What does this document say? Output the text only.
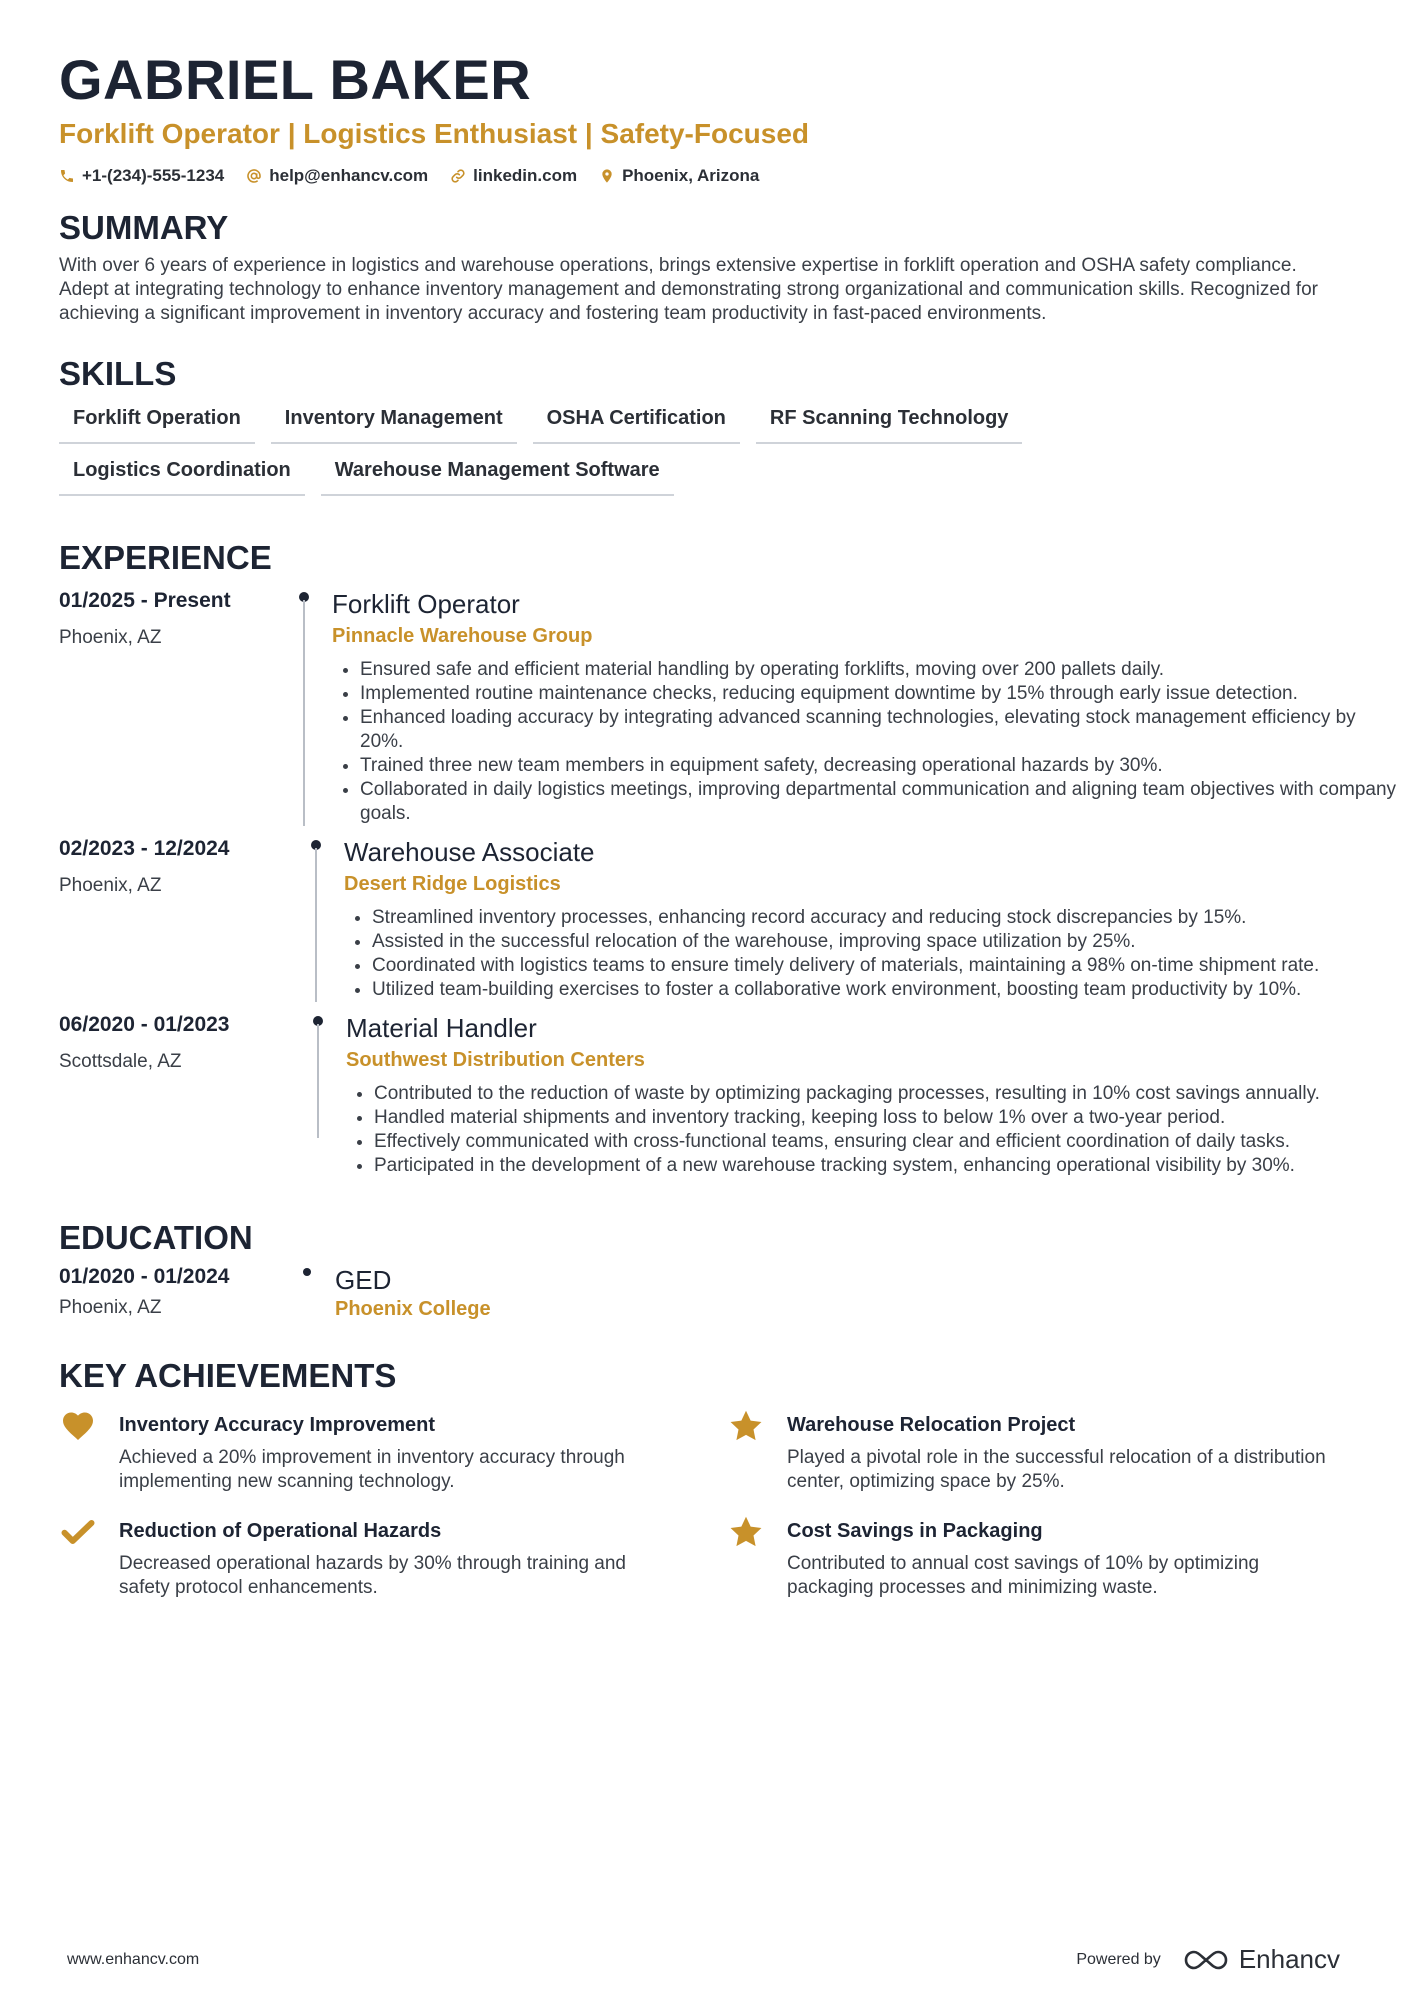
GABRIEL BAKER
Forklift Operator | Logistics Enthusiast | Safety-Focused
+1-(234)-555-1234	help@enhancv.com	linkedin.com	Phoenix, Arizona
SUMMARY
With over 6 years of experience in logistics and warehouse operations, brings extensive expertise in forklift operation and OSHA safety compliance. Adept at integrating technology to enhance inventory management and demonstrating strong organizational and communication skills. Recognized for achieving a significant improvement in inventory accuracy and fostering team productivity in fast-paced environments.
SKILLS
Forklift Operation	Inventory Management	OSHA Certification	RF Scanning Technology
Logistics Coordination	Warehouse Management Software
EXPERIENCE
01/2025 - Present
Phoenix, AZ
Forklift Operator
Pinnacle Warehouse Group
• Ensured safe and efficient material handling by operating forklifts, moving over 200 pallets daily.
• Implemented routine maintenance checks, reducing equipment downtime by 15% through early issue detection.
• Enhanced loading accuracy by integrating advanced scanning technologies, elevating stock management efficiency by 20%.
• Trained three new team members in equipment safety, decreasing operational hazards by 30%.
• Collaborated in daily logistics meetings, improving departmental communication and aligning team objectives with company goals.
02/2023 - 12/2024
Phoenix, AZ
Warehouse Associate
Desert Ridge Logistics
• Streamlined inventory processes, enhancing record accuracy and reducing stock discrepancies by 15%.
• Assisted in the successful relocation of the warehouse, improving space utilization by 25%.
• Coordinated with logistics teams to ensure timely delivery of materials, maintaining a 98% on-time shipment rate.
• Utilized team-building exercises to foster a collaborative work environment, boosting team productivity by 10%.
06/2020 - 01/2023
Scottsdale, AZ
Material Handler
Southwest Distribution Centers
• Contributed to the reduction of waste by optimizing packaging processes, resulting in 10% cost savings annually.
• Handled material shipments and inventory tracking, keeping loss to below 1% over a two-year period.
• Effectively communicated with cross-functional teams, ensuring clear and efficient coordination of daily tasks.
• Participated in the development of a new warehouse tracking system, enhancing operational visibility by 30%.
EDUCATION
01/2020 - 01/2024
Phoenix, AZ
GED
Phoenix College
KEY ACHIEVEMENTS
Inventory Accuracy Improvement
Achieved a 20% improvement in inventory accuracy through implementing new scanning technology.
Warehouse Relocation Project
Played a pivotal role in the successful relocation of a distribution center, optimizing space by 25%.
Reduction of Operational Hazards
Decreased operational hazards by 30% through training and safety protocol enhancements.
Cost Savings in Packaging
Contributed to annual cost savings of 10% by optimizing packaging processes and minimizing waste.
www.enhancv.com	Powered by	Enhancv
